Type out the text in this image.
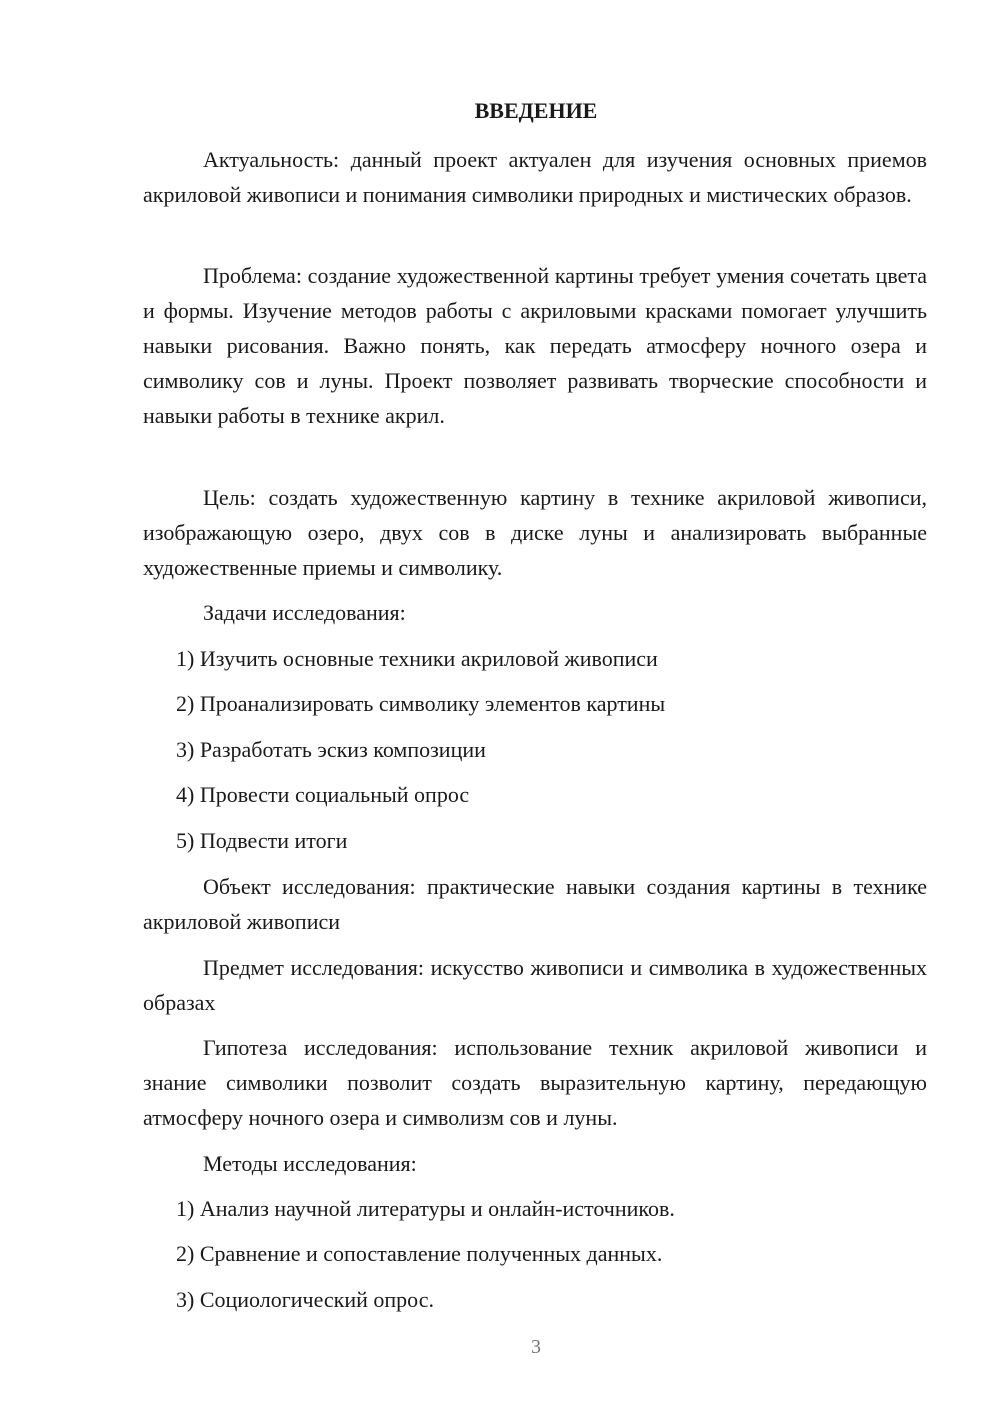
ВВЕДЕНИЕ

Актуальность: данный проект актуален для изучения основных приемов акриловой живописи и понимания символики природных и мистических образов.

Проблема: создание художественной картины требует умения сочетать цвета и формы. Изучение методов работы с акриловыми красками помогает улучшить навыки рисования. Важно понять, как передать атмосферу ночного озера и символику сов и луны. Проект позволяет развивать творческие способности и навыки работы в технике акрил.

Цель: создать художественную картину в технике акриловой живописи, изображающую озеро, двух сов в диске луны и анализировать выбранные художественные приемы и символику.

Задачи исследования:
1) Изучить основные техники акриловой живописи
2) Проанализировать символику элементов картины
3) Разработать эскиз композиции
4) Провести социальный опрос
5) Подвести итоги

Объект исследования: практические навыки создания картины в технике акриловой живописи

Предмет исследования: искусство живописи и символика в художественных образах

Гипотеза исследования: использование техник акриловой живописи и знание символики позволит создать выразительную картину, передающую атмосферу ночного озера и символизм сов и луны.

Методы исследования:
1) Анализ научной литературы и онлайн-источников.
2) Сравнение и сопоставление полученных данных.
3) Социологический опрос.
3
